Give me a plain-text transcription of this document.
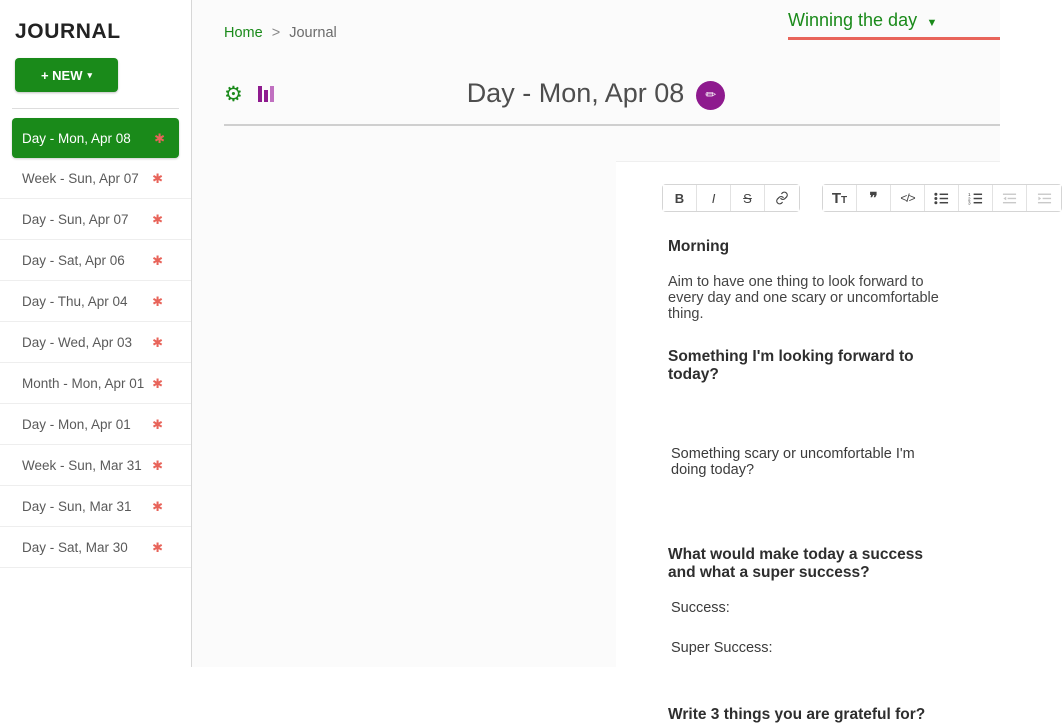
JOURNAL
+ NEW ▾
Day - Mon, Apr 08 ✱
Week - Sun, Apr 07 ✱
Day - Sun, Apr 07 ✱
Day - Sat, Apr 06 ✱
Day - Thu, Apr 04 ✱
Day - Wed, Apr 03 ✱
Month - Mon, Apr 01 ✱
Day - Mon, Apr 01 ✱
Week - Sun, Mar 31 ✱
Day - Sun, Mar 31 ✱
Day - Sat, Mar 30 ✱
Home > Journal
Winning the day ▼
⚙	Day - Mon, Apr 08 ✏
B I S	TT ❞ </>	1
2
3
Morning

Aim to have one thing to look forward to every day and one scary or uncomfortable thing.

Something I'm looking forward to today?

Something scary or uncomfortable I'm doing today?

What would make today a success and what a super success?

Success:

Super Success:

Write 3 things you are grateful for?
